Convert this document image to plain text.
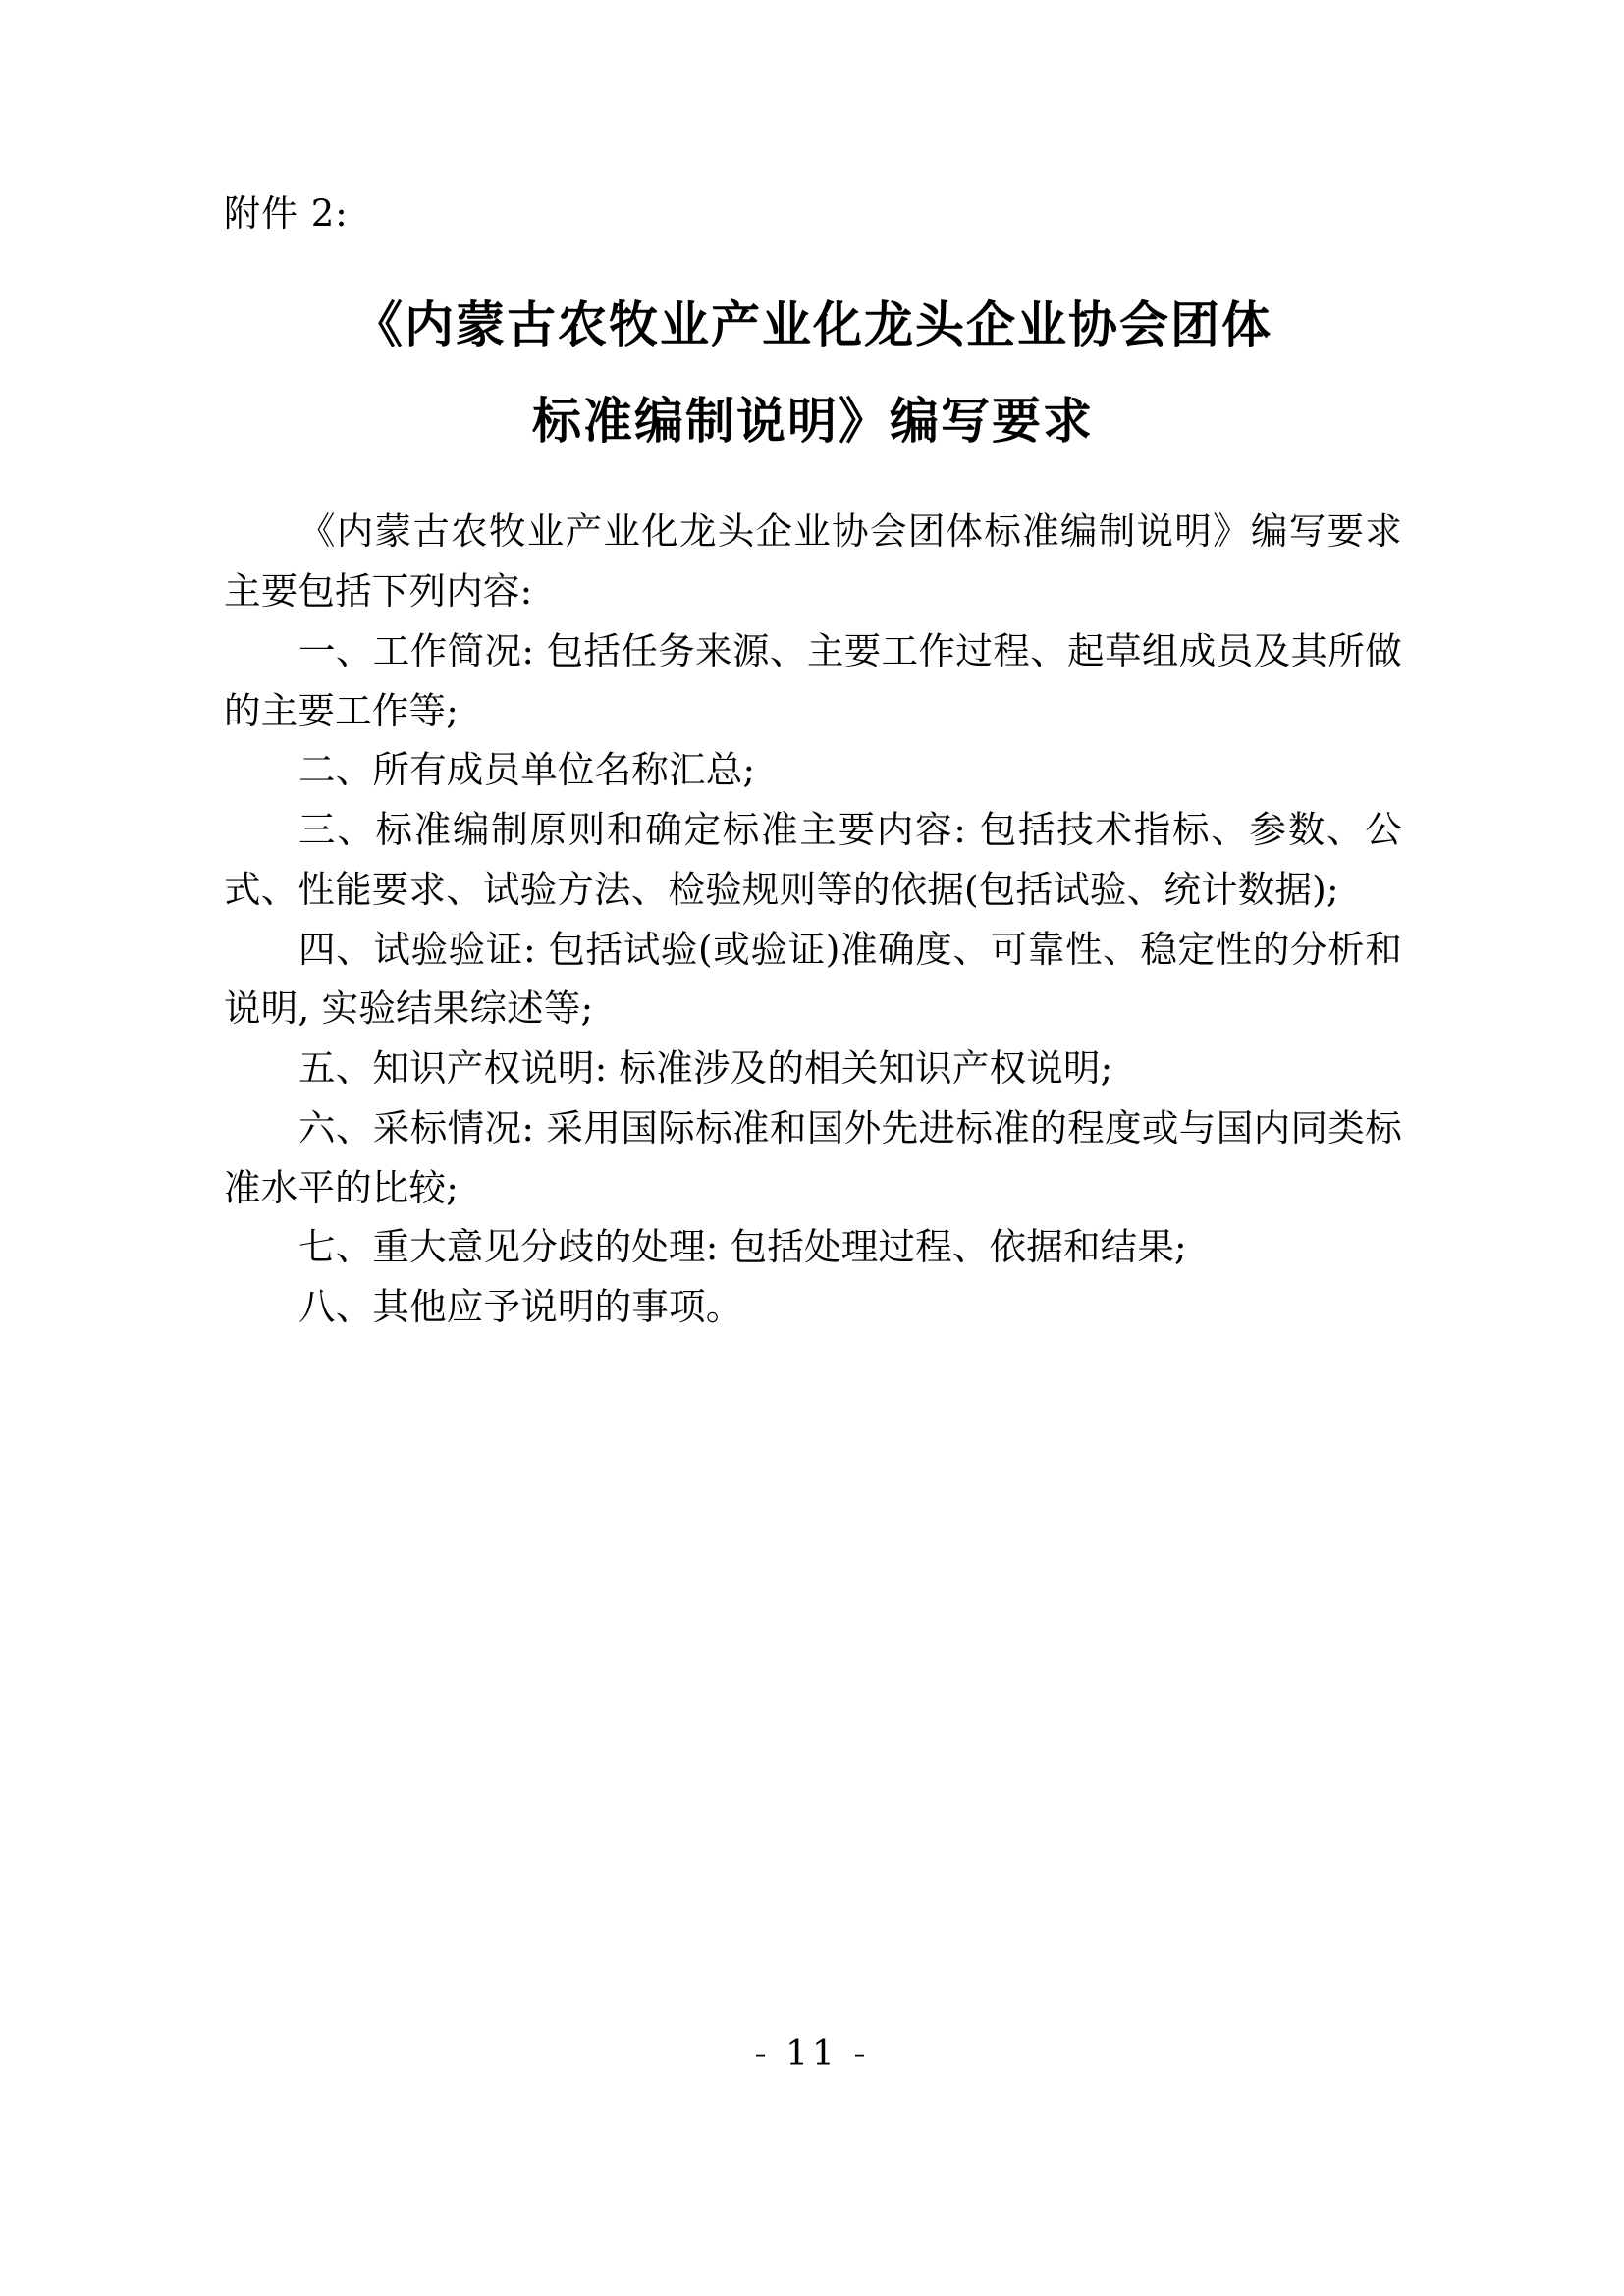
附件 2:
《内蒙古农牧业产业化龙头企业协会团体
标准编制说明》编写要求

《内蒙古农牧业产业化龙头企业协会团体标准编制说明》编写要求主要包括下列内容:

一、工作简况: 包括任务来源、主要工作过程、起草组成员及其所做的主要工作等;

二、所有成员单位名称汇总;

三、标准编制原则和确定标准主要内容: 包括技术指标、参数、公式、性能要求、试验方法、检验规则等的依据(包括试验、统计数据);

四、试验验证: 包括试验(或验证)准确度、可靠性、稳定性的分析和说明, 实验结果综述等;

五、知识产权说明: 标准涉及的相关知识产权说明;

六、采标情况: 采用国际标准和国外先进标准的程度或与国内同类标准水平的比较;

七、重大意见分歧的处理: 包括处理过程、依据和结果;

八、其他应予说明的事项。

- 11 -
